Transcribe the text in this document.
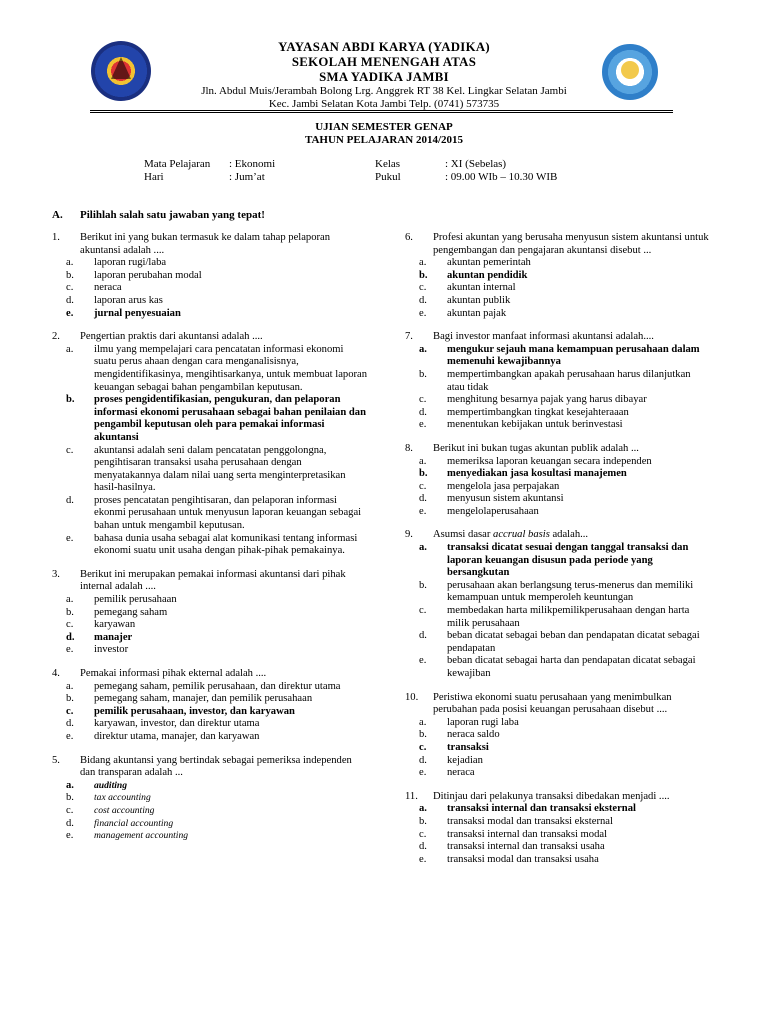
YAYASAN ABDI KARYA (YADIKA)
SEKOLAH MENENGAH ATAS
SMA YADIKA JAMBI
Jln. Abdul Muis/Jerambah Bolong Lrg. Anggrek RT 38 Kel. Lingkar Selatan Jambi
Kec. Jambi Selatan Kota Jambi Telp. (0741) 573735
UJIAN SEMESTER GENAP
TAHUN PELAJARAN 2014/2015
Mata Pelajaran : Ekonomi
Hari	: Jum’at
Kelas	: XI (Sebelas)
Pukul	: 09.00 WIb – 10.30 WIB
A. Pilihlah salah satu jawaban yang tepat!
1.	Berikut ini yang bukan termasuk ke dalam tahap pelaporan akuntansi adalah ....
a.	laporan rugi/laba
b.	laporan perubahan modal
c.	neraca
d.	laporan arus kas
e.	jurnal penyesuaian
2.	Pengertian praktis dari akuntansi adalah ....
a.	ilmu yang mempelajari cara pencatatan informasi ekonomi suatu perus ahaan dengan cara menganalisisnya, mengidentifikasinya, mengihtisarkanya, untuk membuat laporan keuangan sebagai bahan pengambilan keputusan.
b.	proses pengidentifikasian, pengukuran, dan pelaporan informasi ekonomi perusahaan sebagai bahan penilaian dan pengambil keputusan oleh para pemakai informasi akuntansi
c.	akuntansi adalah seni dalam pencatatan penggolongna, pengihtisaran transaksi usaha perusahaan dengan menyatakannya dalam nilai uang serta menginterpretasikan hasil-hasilnya.
d.	proses pencatatan pengihtisaran, dan pelaporan informasi ekonmi perusahaan untuk menyusun laporan keuangan sebagai bahan untuk mengambil keputusan.
e.	bahasa dunia usaha sebagai alat komunikasi tentang informasi ekonomi suatu unit usaha dengan pihak-pihak pemakainya.
3.	Berikut ini merupakan pemakai informasi akuntansi dari pihak internal adalah ....
a.	pemilik perusahaan
b.	pemegang saham
c.	karyawan
d.	manajer
e.	investor
4.	Pemakai informasi pihak ekternal adalah ....
a.	pemegang saham, pemilik perusahaan, dan direktur utama
b.	pemegang saham, manajer, dan pemilik perusahaan
c.	pemilik perusahaan, investor, dan karyawan
d.	karyawan, investor, dan direktur utama
e.	direktur utama, manajer, dan karyawan
5.	Bidang akuntansi yang bertindak sebagai pemeriksa independen dan transparan adalah ...
a.	auditing
b.	tax accounting
c.	cost accounting
d.	financial accounting
e.	management accounting
6.	Profesi akuntan yang berusaha menyusun sistem akuntansi untuk pengembangan dan pengajaran akuntansi disebut ...
a.	akuntan pemerintah
b.	akuntan pendidik
c.	akuntan internal
d.	akuntan publik
e.	akuntan pajak
7.	Bagi investor manfaat informasi akuntansi adalah....
a.	mengukur sejauh mana kemampuan perusahaan dalam memenuhi kewajibannya
b.	mempertimbangkan apakah perusahaan harus dilanjutkan atau tidak
c.	menghitung besarnya pajak yang harus dibayar
d.	mempertimbangkan tingkat kesejahteraaan
e.	menentukan kebijakan untuk berinvestasi
8.	Berikut ini bukan tugas akuntan publik adalah ...
a.	memeriksa laporan keuangan secara independen
b.	menyediakan jasa kosultasi manajemen
c.	mengelola jasa perpajakan
d.	menyusun sistem akuntansi
e.	mengelolaperusahaan
9.	Asumsi dasar accrual basis adalah...
a.	transaksi dicatat sesuai dengan tanggal transaksi dan laporan keuangan disusun pada periode yang bersangkutan
b.	perusahaan akan berlangsung terus-menerus dan memiliki kemampuan untuk memperoleh keuntungan
c.	membedakan harta milikpemilikperusahaan dengan harta milik perusahaan
d.	beban dicatat sebagai beban dan pendapatan dicatat sebagai pendapatan
e.	beban dicatat sebagai harta dan pendapatan dicatat sebagai kewajiban
10.	Peristiwa ekonomi suatu perusahaan yang menimbulkan perubahan pada posisi keuangan perusahaan disebut ....
a.	laporan rugi laba
b.	neraca saldo
c.	transaksi
d.	kejadian
e.	neraca
11.	Ditinjau dari pelakunya transaksi dibedakan menjadi ....
a.	transaksi internal dan transaksi eksternal
b.	transaksi modal dan transaksi eksternal
c.	transaksi internal dan transaksi modal
d.	transaksi internal dan transaksi usaha
e.	transaksi modal dan transaksi usaha
